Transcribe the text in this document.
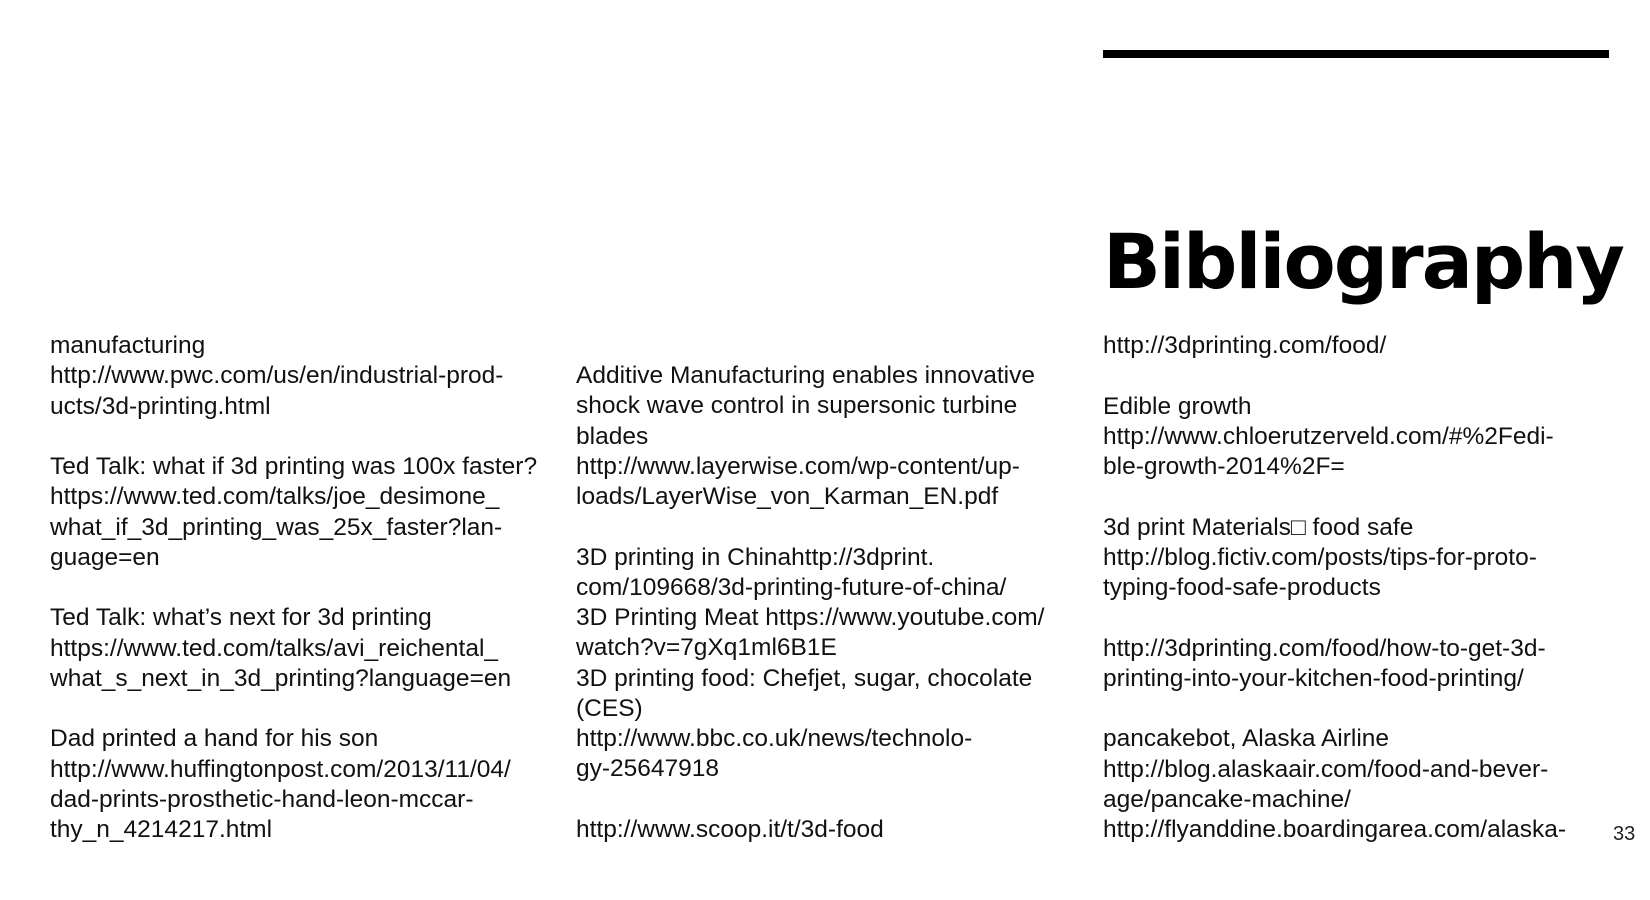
Bibliography
manufacturing
http://www.pwc.com/us/en/industrial-prod-
ucts/3d-printing.html
Ted Talk: what if 3d printing was 100x faster?
https://www.ted.com/talks/joe_desimone_
what_if_3d_printing_was_25x_faster?lan-
guage=en
Ted Talk: what’s next for 3d printing
https://www.ted.com/talks/avi_reichental_
what_s_next_in_3d_printing?language=en
Dad printed a hand for his son
http://www.huffingtonpost.com/2013/11/04/
dad-prints-prosthetic-hand-leon-mccar-
thy_n_4214217.html
Additive Manufacturing enables innovative
shock wave control in supersonic turbine
blades
http://www.layerwise.com/wp-content/up-
loads/LayerWise_von_Karman_EN.pdf
3D printing in Chinahttp://3dprint.
com/109668/3d-printing-future-of-china/
3D Printing Meat https://www.youtube.com/
watch?v=7gXq1ml6B1E
3D printing food: Chefjet, sugar, chocolate
(CES)
http://www.bbc.co.uk/news/technolo-
gy-25647918
http://www.scoop.it/t/3d-food
http://3dprinting.com/food/
Edible growth
http://www.chloerutzerveld.com/#%2Fedi-
ble-growth-2014%2F=
3d print Materials□ food safe
http://blog.fictiv.com/posts/tips-for-proto-
typing-food-safe-products
http://3dprinting.com/food/how-to-get-3d-
printing-into-your-kitchen-food-printing/
pancakebot, Alaska Airline
http://blog.alaskaair.com/food-and-bever-
age/pancake-machine/
http://flyanddine.boardingarea.com/alaska-	33
